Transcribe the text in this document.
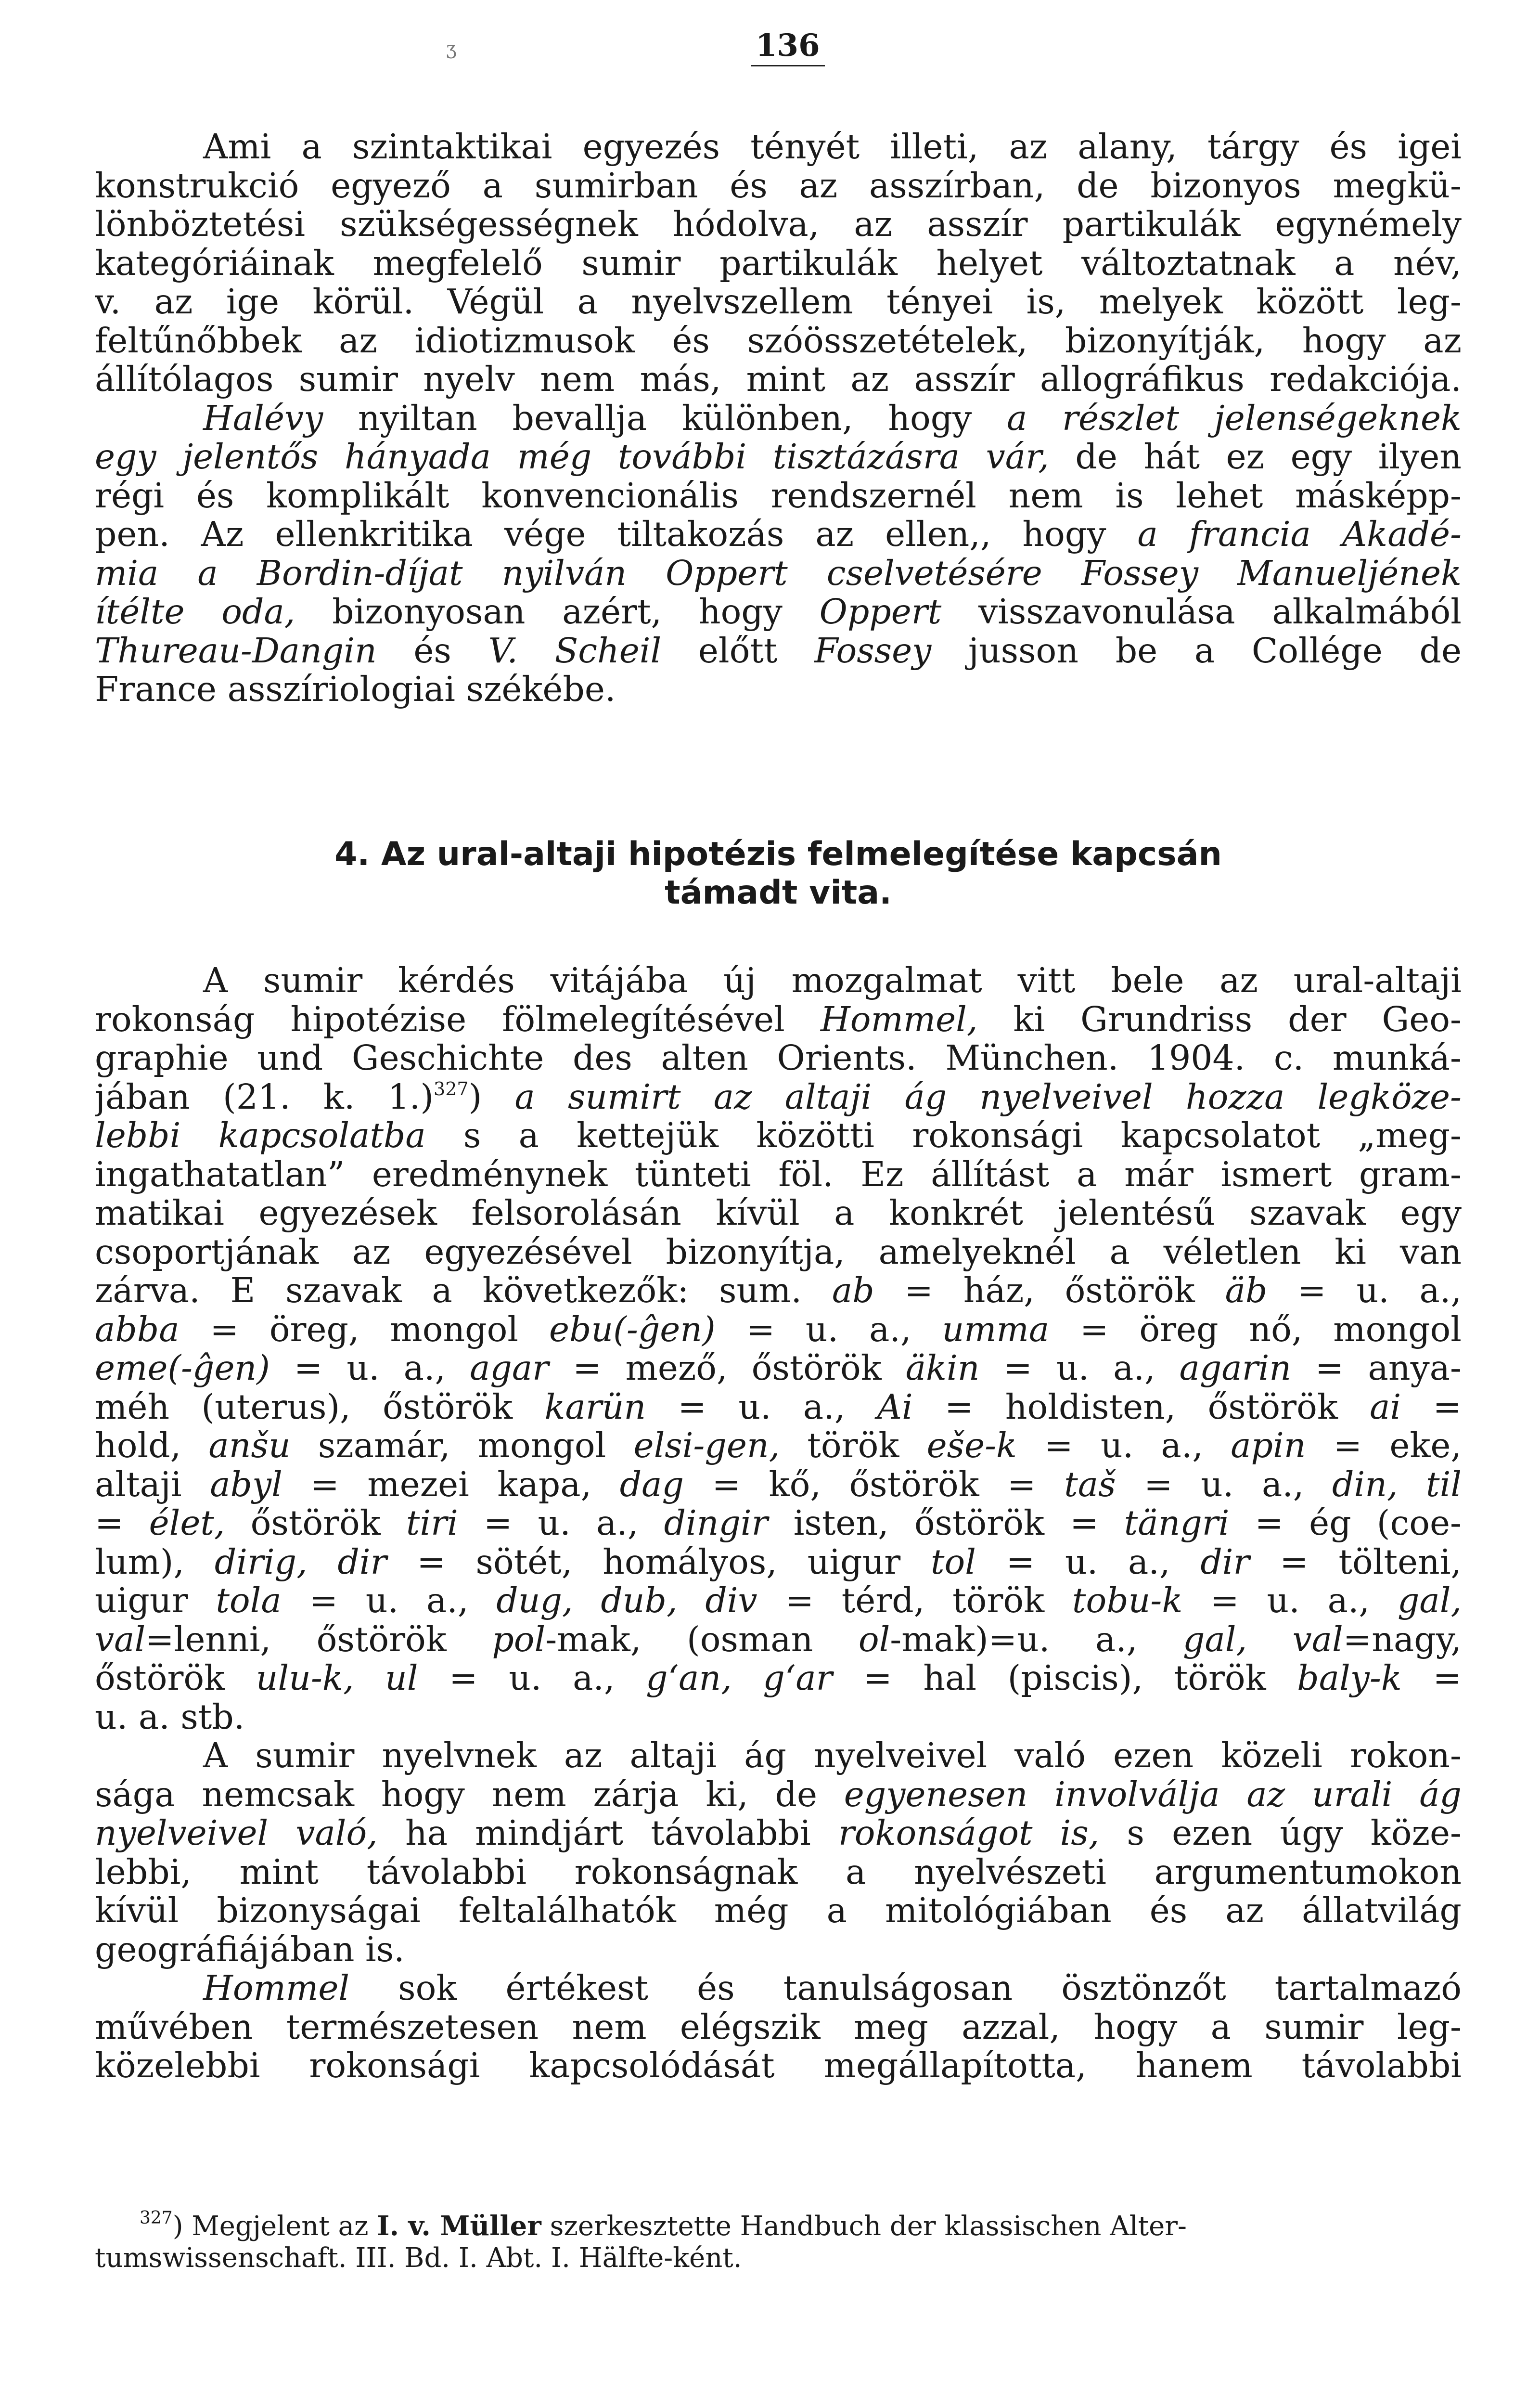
ʒ	136

Ami a szintaktikai egyezés tényét illeti, az alany, tárgy és igei
konstrukció egyező a sumirban és az asszírban, de bizonyos megkü-
lönböztetési szükségességnek hódolva, az asszír partikulák egynémely
kategóriáinak megfelelő sumir partikulák helyet változtatnak a név,
v. az ige körül. Végül a nyelvszellem tényei is, melyek között leg-
feltűnőbbek az idiotizmusok és szóösszetételek, bizonyítják, hogy az
állítólagos sumir nyelv nem más, mint az asszír allográfikus redakciója.

Halévy nyiltan bevallja különben, hogy a részlet jelenségeknek
egy jelentős hányada még további tisztázásra vár, de hát ez egy ilyen
régi és komplikált konvencionális rendszernél nem is lehet másképp-
pen. Az ellenkritika vége tiltakozás az ellen,, hogy a francia Akadé-
mia a Bordin-díjat nyilván Oppert cselvetésére Fossey Manueljének
ítélte oda, bizonyosan azért, hogy Oppert visszavonulása alkalmából
Thureau-Dangin és V. Scheil előtt Fossey jusson be a Collége de
France asszíriologiai székébe.

4. Az ural-altaji hipotézis felmelegítése kapcsán
támadt vita.

A sumir kérdés vitájába új mozgalmat vitt bele az ural-altaji
rokonság hipotézise fölmelegítésével Hommel, ki Grundriss der Geo-
graphie und Geschichte des alten Orients. München. 1904. c. munká-
jában (21. k. 1.)$^{327}$) a sumirt az altaji ág nyelveivel hozza legköze-
lebbi kapcsolatba s a kettejük közötti rokonsági kapcsolatot „meg-
ingathatatlan” eredménynek tünteti föl. Ez állítást a már ismert gram-
matikai egyezések felsorolásán kívül a konkrét jelentésű szavak egy
csoportjának az egyezésével bizonyítja, amelyeknél a véletlen ki van
zárva. E szavak a következők: sum. ab = ház, őstörök äb = u. a.,
abba = öreg, mongol ebu(-ĝen) = u. a., umma = öreg nő, mongol
eme(-ĝen) = u. a., agar = mező, őstörök äkin = u. a., agarin = anya-
méh (uterus), őstörök karün = u. a., Ai = holdisten, őstörök ai =
hold, anšu szamár, mongol elsi-gen, török eše-k = u. a., apin = eke,
altaji abyl = mezei kapa, dag = kő, őstörök = taš = u. a., din, til
= élet, őstörök tiri = u. a., dingir isten, őstörök = tängri = ég (coe-
lum), dirig, dir = sötét, homályos, uigur tol = u. a., dir = tölteni,
uigur tola = u. a., dug, dub, div = térd, török tobu-k = u. a., gal,
val=lenni, őstörök pol-mak, (osman ol-mak)=u. a., gal, val=nagy,
őstörök ulu-k, ul = u. a., g‘an, g‘ar = hal (piscis), török baly-k =
u. a. stb.

A sumir nyelvnek az altaji ág nyelveivel való ezen közeli rokon-
sága nemcsak hogy nem zárja ki, de egyenesen involválja az urali ág
nyelveivel való, ha mindjárt távolabbi rokonságot is, s ezen úgy köze-
lebbi, mint távolabbi rokonságnak a nyelvészeti argumentumokon
kívül bizonyságai feltalálhatók még a mitológiában és az állatvilág
geográfiájában is.

Hommel sok értékest és tanulságosan ösztönzőt tartalmazó
művében természetesen nem elégszik meg azzal, hogy a sumir leg-
közelebbi rokonsági kapcsolódását megállapította, hanem távolabbi

$^{327}$) Megjelent az I. v. Müller szerkesztette Handbuch der klassischen Alter-
tumswissenschaft. III. Bd. I. Abt. I. Hälfte-ként.
